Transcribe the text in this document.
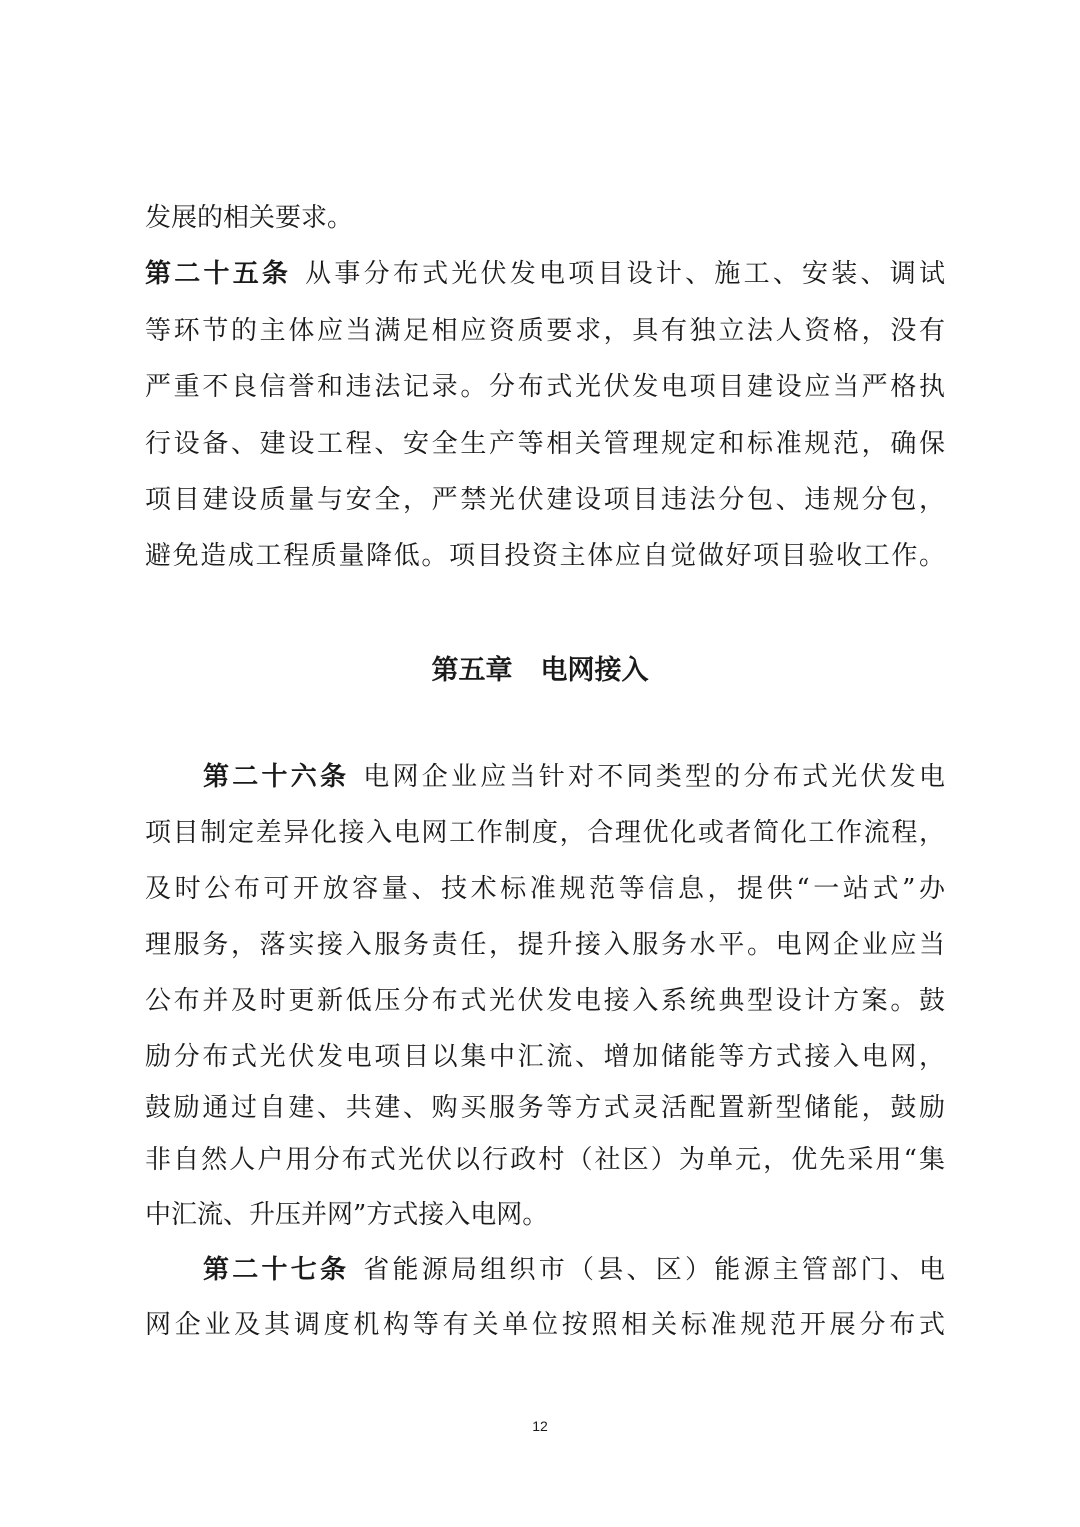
发展的相关要求。
第二十五条 从事分布式光伏发电项目设计、施工、安装、调试
等环节的主体应当满足相应资质要求，具有独立法人资格，没有
严重不良信誉和违法记录。分布式光伏发电项目建设应当严格执
行设备、建设工程、安全生产等相关管理规定和标准规范，确保
项目建设质量与安全，严禁光伏建设项目违法分包、违规分包，
避免造成工程质量降低。项目投资主体应自觉做好项目验收工作。
第五章 电网接入
第二十六条 电网企业应当针对不同类型的分布式光伏发电
项目制定差异化接入电网工作制度，合理优化或者简化工作流程，
及时公布可开放容量、技术标准规范等信息，提供“一站式”办
理服务，落实接入服务责任，提升接入服务水平。电网企业应当
公布并及时更新低压分布式光伏发电接入系统典型设计方案。鼓
励分布式光伏发电项目以集中汇流、增加储能等方式接入电网，
鼓励通过自建、共建、购买服务等方式灵活配置新型储能，鼓励
非自然人户用分布式光伏以行政村（社区）为单元，优先采用“集
中汇流、升压并网”方式接入电网。
第二十七条 省能源局组织市（县、区）能源主管部门、电
网企业及其调度机构等有关单位按照相关标准规范开展分布式
12
